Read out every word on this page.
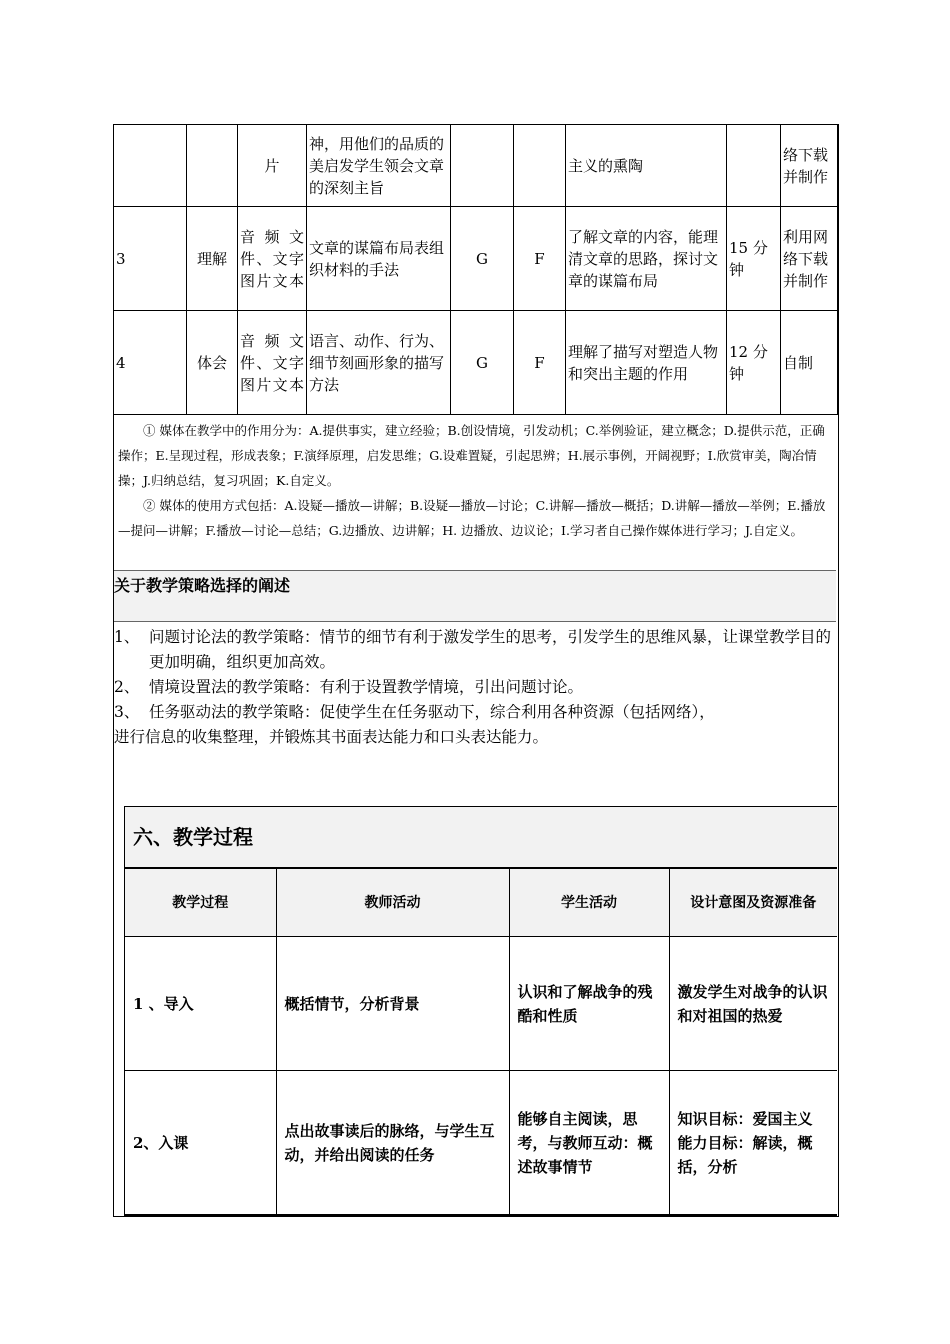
		片	神，用他们的品质的美启发学生领会文章的深刻主旨			主义的熏陶		络下载并制作
3	理解	音频文件、文字图片文本	文章的谋篇布局表组织材料的手法	G	F	了解文章的内容，能理清文章的思路，探讨文章的谋篇布局	15 分钟	利用网络下载并制作
4	体会	音频文件、文字图片文本	语言、动作、行为、细节刻画形象的描写方法	G	F	理解了描写对塑造人物和突出主题的作用	12 分钟	自制

① 媒体在教学中的作用分为：A.提供事实，建立经验；B.创设情境，引发动机；C.举例验证，建立概念；D.提供示范，正确操作；E.呈现过程，形成表象；F.演绎原理，启发思维；G.设难置疑，引起思辨；H.展示事例，开阔视野；I.欣赏审美，陶冶情操；J.归纳总结，复习巩固；K.自定义。

② 媒体的使用方式包括：A.设疑—播放—讲解；B.设疑—播放—讨论；C.讲解—播放—概括；D.讲解—播放—举例；E.播放—提问—讲解；F.播放—讨论—总结；G.边播放、边讲解；H. 边播放、边议论；I.学习者自己操作媒体进行学习；J.自定义。

关于教学策略选择的阐述
1、 问题讨论法的教学策略：情节的细节有利于激发学生的思考，引发学生的思维风暴，让课堂教学目的更加明确，组织更加高效。
2、 情境设置法的教学策略：有利于设置教学情境，引出问题讨论。
3、 任务驱动法的教学策略：促使学生在任务驱动下，综合利用各种资源（包括网络），
进行信息的收集整理，并锻炼其书面表达能力和口头表达能力。
六、教学过程
教学过程	教师活动	学生活动	设计意图及资源准备
1 、导入	概括情节，分析背景	认识和了解战争的残酷和性质	激发学生对战争的认识和对祖国的热爱
2、入课	点出故事读后的脉络，与学生互动，并给出阅读的任务	能够自主阅读，思考，与教师互动：概述故事情节	知识目标：爱国主义 能力目标：解读，概括，分析
